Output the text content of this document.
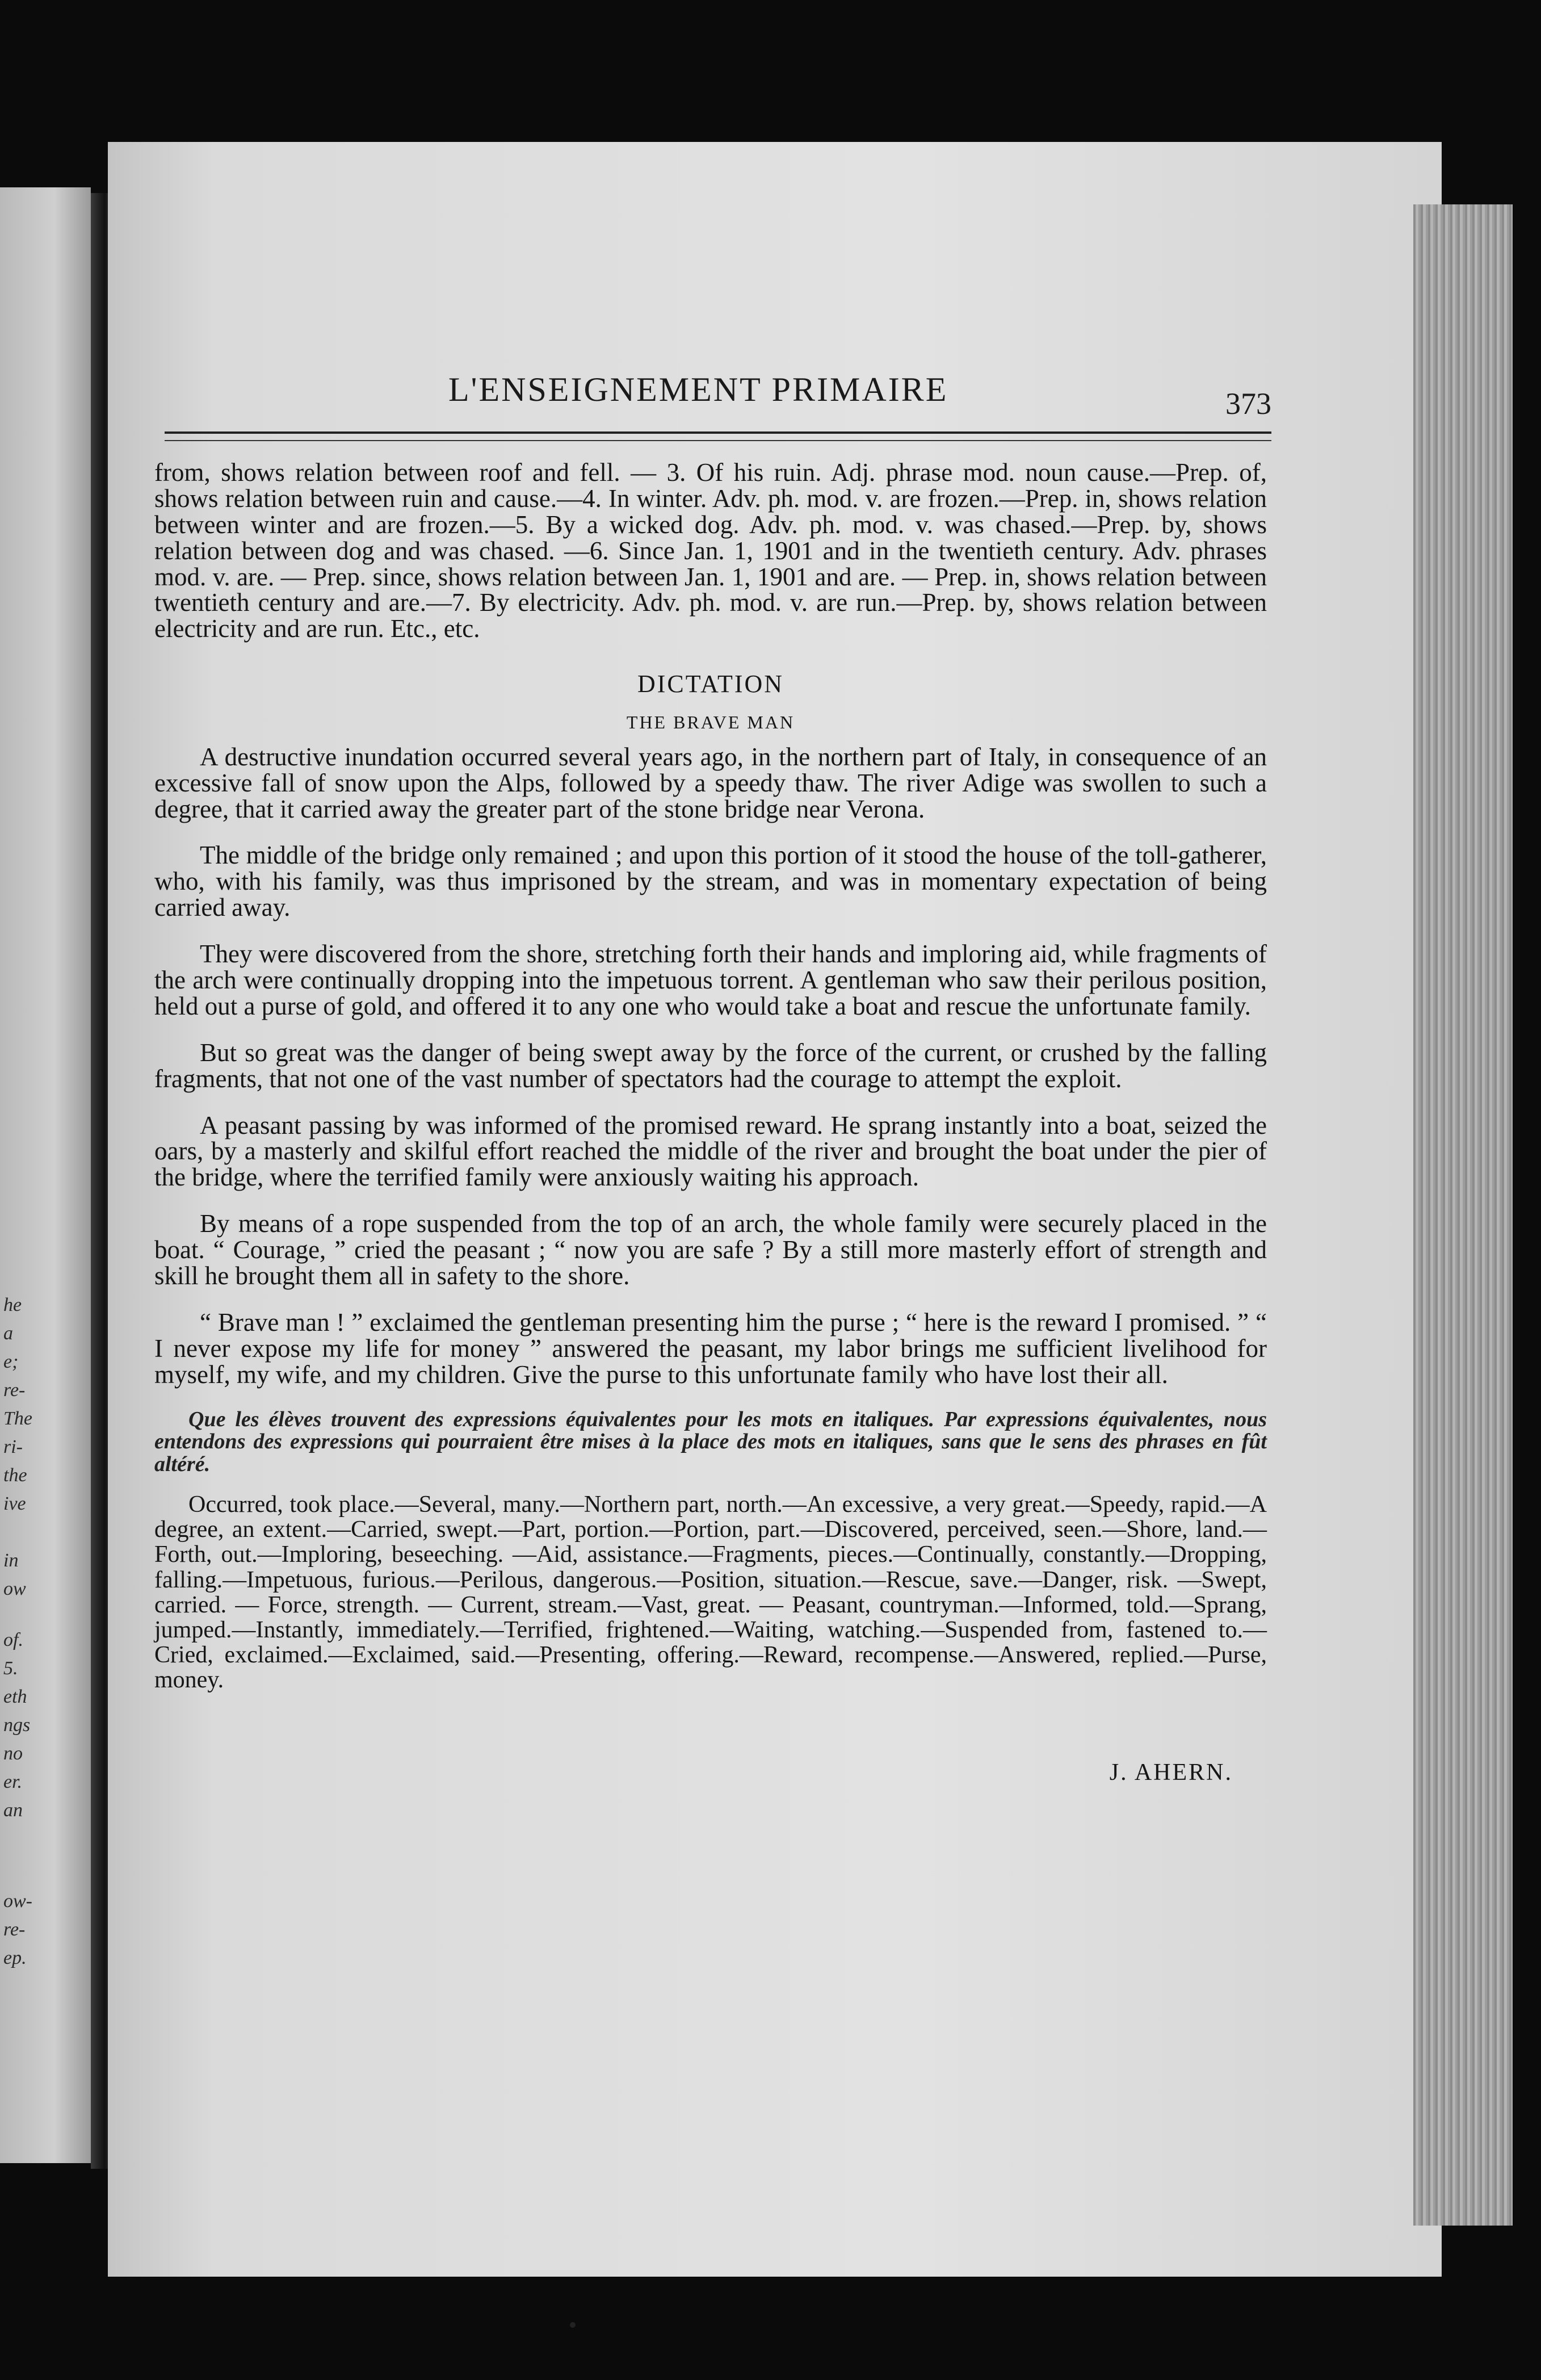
he
a
e;
re-
The
ri-
the
ive
in
ow
of.
5.
eth
ngs
no
er.
an
ow-
re-
ep.
L'ENSEIGNEMENT PRIMAIRE	373

from, shows relation between roof and fell. — 3. Of his ruin. Adj. phrase mod. noun cause.—Prep. of, shows relation between ruin and cause.—4. In winter. Adv. ph. mod. v. are frozen.—Prep. in, shows relation between winter and are frozen.—5. By a wicked dog. Adv. ph. mod. v. was chased.—Prep. by, shows relation between dog and was chased. —6. Since Jan. 1, 1901 and in the twentieth century. Adv. phrases mod. v. are. — Prep. since, shows relation between Jan. 1, 1901 and are. — Prep. in, shows relation between twentieth century and are.—7. By electricity. Adv. ph. mod. v. are run.—Prep. by, shows relation between electricity and are run. Etc., etc.

DICTATION

THE BRAVE MAN

A destructive inundation occurred several years ago, in the northern part of Italy, in consequence of an excessive fall of snow upon the Alps, followed by a speedy thaw. The river Adige was swollen to such a degree, that it carried away the greater part of the stone bridge near Verona.

The middle of the bridge only remained ; and upon this portion of it stood the house of the toll-gatherer, who, with his family, was thus imprisoned by the stream, and was in momentary expectation of being carried away.

They were discovered from the shore, stretching forth their hands and imploring aid, while fragments of the arch were continually dropping into the impetuous torrent. A gentleman who saw their perilous position, held out a purse of gold, and offered it to any one who would take a boat and rescue the unfortunate family.

But so great was the danger of being swept away by the force of the current, or crushed by the falling fragments, that not one of the vast number of spectators had the courage to attempt the exploit.

A peasant passing by was informed of the promised reward. He sprang instantly into a boat, seized the oars, by a masterly and skilful effort reached the middle of the river and brought the boat under the pier of the bridge, where the terrified family were anxiously waiting his approach.

By means of a rope suspended from the top of an arch, the whole family were securely placed in the boat. “ Courage, ” cried the peasant ; “ now you are safe ? By a still more masterly effort of strength and skill he brought them all in safety to the shore.

“ Brave man ! ” exclaimed the gentleman presenting him the purse ; “ here is the reward I promised. ” “ I never expose my life for money ” answered the peasant, my labor brings me sufficient livelihood for myself, my wife, and my children. Give the purse to this unfortunate family who have lost their all.

Que les élèves trouvent des expressions équivalentes pour les mots en italiques. Par expressions équivalentes, nous entendons des expressions qui pourraient être mises à la place des mots en italiques, sans que le sens des phrases en fût altéré.

Occurred, took place.—Several, many.—Northern part, north.—An excessive, a very great.—Speedy, rapid.—A degree, an extent.—Carried, swept.—Part, portion.—Portion, part.—Discovered, perceived, seen.—Shore, land.—Forth, out.—Imploring, beseeching. —Aid, assistance.—Fragments, pieces.—Continually, constantly.—Dropping, falling.—Impetuous, furious.—Perilous, dangerous.—Position, situation.—Rescue, save.—Danger, risk. —Swept, carried. — Force, strength. — Current, stream.—Vast, great. — Peasant, countryman.—Informed, told.—Sprang, jumped.—Instantly, immediately.—Terrified, frightened.—Waiting, watching.—Suspended from, fastened to.—Cried, exclaimed.—Exclaimed, said.—Presenting, offering.—Reward, recompense.—Answered, replied.—Purse, money.

J. AHERN.
